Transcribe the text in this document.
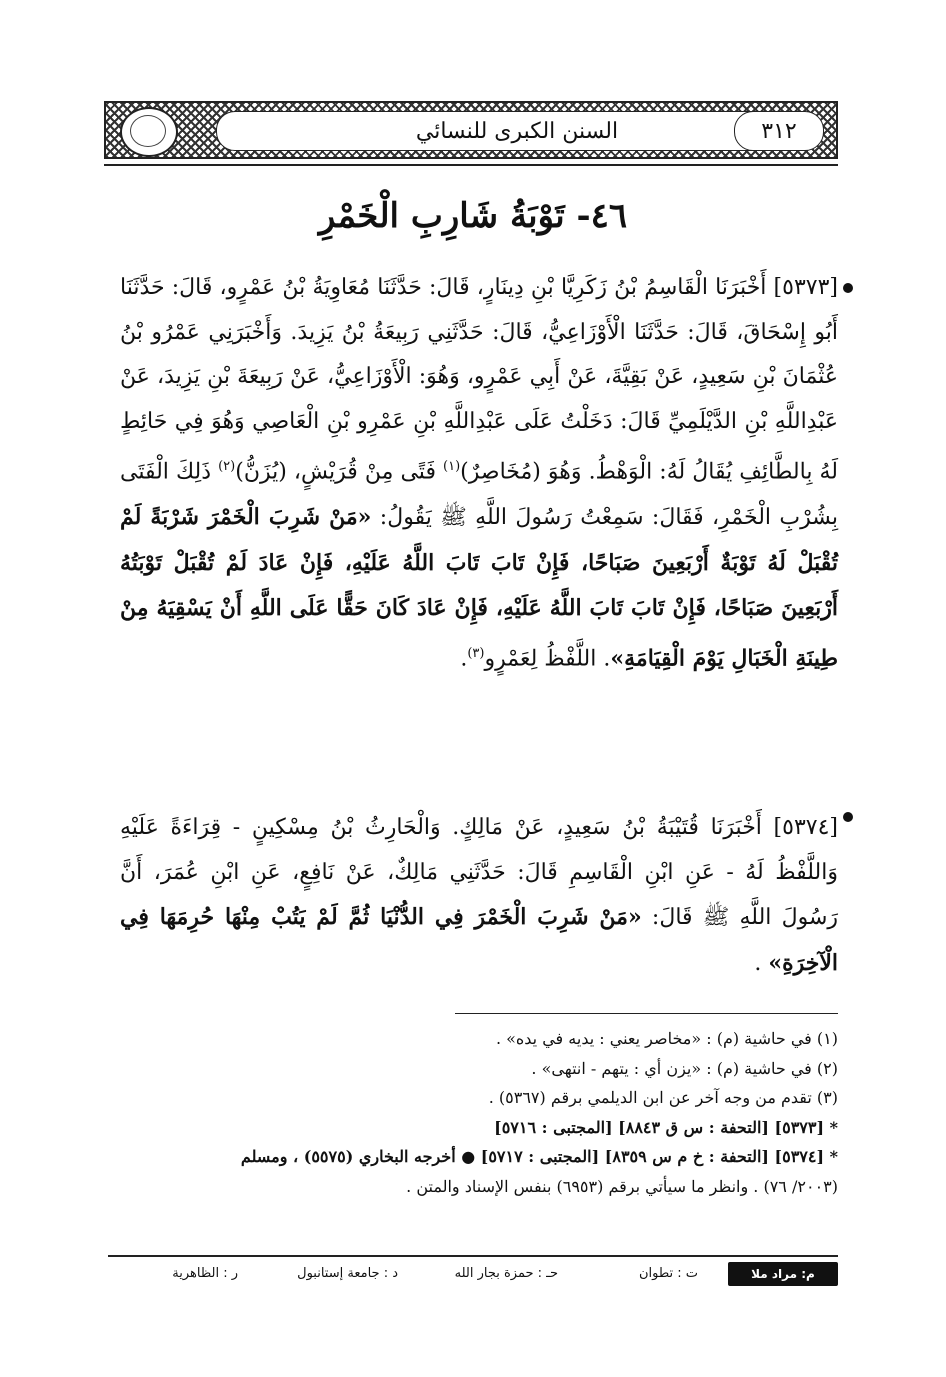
السنن الكبرى للنسائي	٣١٢
٤٦- تَوْبَةُ شَارِبِ الْخَمْرِ
[٥٣٧٣] أَخْبَرَنَا الْقَاسِمُ بْنُ زَكَرِيَّا بْنِ دِينَارٍ، قَالَ: حَدَّثَنَا مُعَاوِيَةُ بْنُ عَمْرٍو، قَالَ: حَدَّثَنَا أَبُو إِسْحَاقَ، قَالَ: حَدَّثَنَا الْأَوْزَاعِيُّ، قَالَ: حَدَّثَنِي رَبِيعَةُ بْنُ يَزِيدَ. وَأَخْبَرَنِي عَمْرُو بْنُ عُثْمَانَ بْنِ سَعِيدٍ، عَنْ بَقِيَّةَ، عَنْ أَبِي عَمْرٍو، وَهُوَ: الْأَوْزَاعِيُّ، عَنْ رَبِيعَةَ بْنِ يَزِيدَ، عَنْ عَبْدِاللَّهِ بْنِ الدَّيْلَمِيِّ قَالَ: دَخَلْتُ عَلَى عَبْدِاللَّهِ بْنِ عَمْرِو بْنِ الْعَاصِي وَهُوَ فِي حَائِطٍ لَهُ بِالطَّائِفِ يُقَالُ لَهُ: الْوَهْطُ. وَهُوَ (مُخَاصِرٌ)$^{(١)}$ فَتًى مِنْ قُرَيْشٍ، (يُزَنُّ)$^{(٢)}$ ذَلِكَ الْفَتَى بِشُرْبِ الْخَمْرِ، فَقَالَ: سَمِعْتُ رَسُولَ اللَّهِ ﷺ يَقُولُ: «مَنْ شَرِبَ الْخَمْرَ شَرْبَةً لَمْ تُقْبَلْ لَهُ تَوْبَةٌ أَرْبَعِينَ صَبَاحًا، فَإِنْ تَابَ تَابَ اللَّهُ عَلَيْهِ، فَإِنْ عَادَ لَمْ تُقْبَلْ تَوْبَتُهُ أَرْبَعِينَ صَبَاحًا، فَإِنْ تَابَ تَابَ اللَّهُ عَلَيْهِ، فَإِنْ عَادَ كَانَ حَقًّا عَلَى اللَّهِ أَنْ يَسْقِيَهُ مِنْ طِينَةِ الْخَبَالِ يَوْمَ الْقِيَامَةِ». اللَّفْظُ لِعَمْرٍو$^{(٣)}$.
[٥٣٧٤] أَخْبَرَنَا قُتَيْبَةُ بْنُ سَعِيدٍ، عَنْ مَالِكٍ. وَالْحَارِثُ بْنُ مِسْكِينٍ - قِرَاءَةً عَلَيْهِ وَاللَّفْظُ لَهُ - عَنِ ابْنِ الْقَاسِمِ قَالَ: حَدَّثَنِي مَالِكٌ، عَنْ نَافِعٍ، عَنِ ابْنِ عُمَرَ، أَنَّ رَسُولَ اللَّهِ ﷺ قَالَ: «مَنْ شَرِبَ الْخَمْرَ فِي الدُّنْيَا ثُمَّ لَمْ يَتُبْ مِنْهَا حُرِمَهَا فِي الْآخِرَةِ» .
(١) في حاشية (م) : «مخاصر يعني : يديه في يده» .
(٢) في حاشية (م) : «يزن أي : يتهم - انتهى» .
(٣) تقدم من وجه آخر عن ابن الديلمي برقم (٥٣٦٧) .
* [٥٣٧٣] [التحفة : س ق ٨٨٤٣] [المجتبى : ٥٧١٦]
* [٥٣٧٤] [التحفة : خ م س ٨٣٥٩] [المجتبى : ٥٧١٧] ● أخرجه البخاري (٥٥٧٥) ، ومسلم
(٢٠٠٣/ ٧٦) . وانظر ما سيأتي برقم (٦٩٥٣) بنفس الإسناد والمتن .
م: مراد ملا
ت : تطوان
حـ : حمزة بجار الله
د : جامعة إستانبول
ر : الظاهرية
